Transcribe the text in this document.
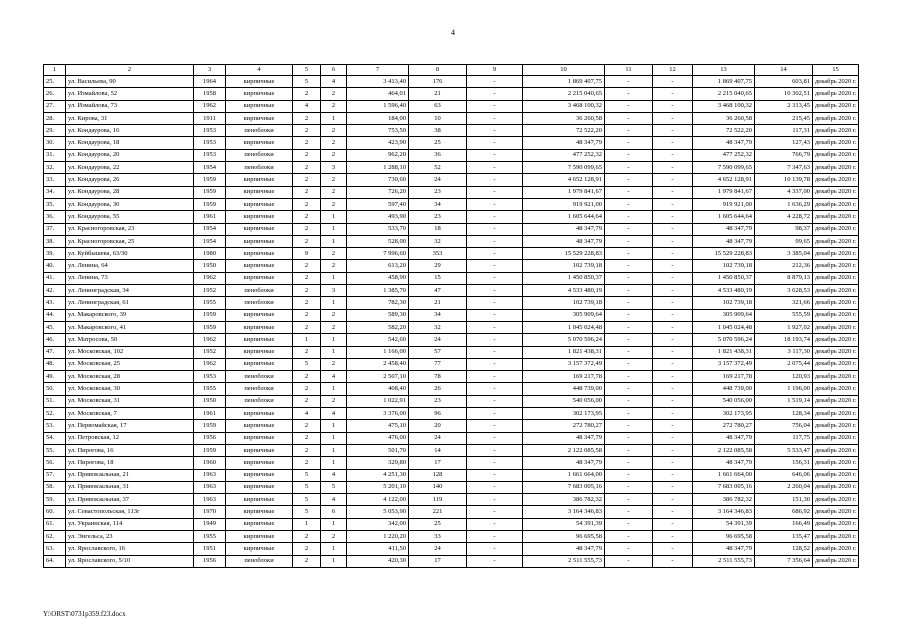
4
1	2	3	4	5	6	7	8	9	10	11	12	13	14	15
25.	ул. Васильева, 90	1964	кирпичные	5	4	3 413,40	176	-	1 869 407,75	-	-	1 869 407,75	603,81	декабрь 2020 г.
26.	ул. Измайлова, 52	1958	кирпичные	2	2	464,01	21	-	2 215 040,65	-	-	2 215 040,65	10 302,51	декабрь 2020 г.
27.	ул. Измайлова, 73	1962	кирпичные	4	2	1 596,40	63	-	3 468 100,32	-	-	3 468 100,32	2 313,45	декабрь 2020 г.
28.	ул. Кирова, 31	1911	кирпичные	2	1	184,00	10	-	36 260,58	-	-	36 260,58	215,45	декабрь 2020 г.
29.	ул. Кондаурова, 16	1953	пеноблоки	2	2	753,50	38	-	72 522,20	-	-	72 522,20	117,31	декабрь 2020 г.
30.	ул. Кондаурова, 18	1953	кирпичные	2	2	423,90	25	-	48 347,79	-	-	48 347,79	127,43	декабрь 2020 г.
31.	ул. Кондаурова, 20	1953	пеноблоки	2	2	962,20	36	-	477 252,32	-	-	477 252,32	766,79	декабрь 2020 г.
32.	ул. Кондаурова, 22	1954	пеноблоки	2	3	1 288,10	52	-	7 590 099,65	-	-	7 590 099,65	7 347,63	декабрь 2020 г.
33.	ул. Кондаурова, 26	1959	кирпичные	2	2	730,60	24	-	4 652 128,91	-	-	4 652 128,91	10 139,78	декабрь 2020 г.
34.	ул. Кондаурова, 28	1959	кирпичные	2	2	726,20	23	-	1 979 841,67	-	-	1 979 841,67	4 337,00	декабрь 2020 г.
35.	ул. Кондаурова, 30	1959	кирпичные	2	2	597,40	34	-	919 921,00	-	-	919 921,00	1 636,29	декабрь 2020 г.
36.	ул. Кондаурова, 55	1961	кирпичные	2	1	493,90	23	-	1 605 644,64	-	-	1 605 644,64	4 228,72	декабрь 2020 г.
37.	ул. Красногоровская, 23	1954	кирпичные	2	1	533,70	18	-	48 347,79	-	-	48 347,79	98,37	декабрь 2020 г.
38.	ул. Красногоровская, 25	1954	кирпичные	2	1	528,00	32	-	48 347,79	-	-	48 347,79	99,65	декабрь 2020 г.
39.	ул. Куйбышева, 63/30	1980	кирпичные	9	2	7 996,60	353	-	15 529 228,83	-	-	15 529 228,83	3 385,04	декабрь 2020 г.
40.	ул. Ленина, 64	1950	кирпичные	2	2	613,20	29	-	102 739,18	-	-	102 739,18	212,36	декабрь 2020 г.
41.	ул. Ленина, 73	1962	кирпичные	2	1	458,90	15	-	1 450 850,37	-	-	1 450 850,37	8 879,13	декабрь 2020 г.
42.	ул. Ленинградская, 34	1952	пеноблоки	2	3	1 385,70	47	-	4 533 480,19	-	-	4 533 480,19	3 628,53	декабрь 2020 г.
43.	ул. Ленинградская, 61	1955	пеноблоки	2	1	782,30	21	-	102 739,18	-	-	102 739,18	321,66	декабрь 2020 г.
44.	ул. Макаровского, 39	1959	кирпичные	2	2	589,30	34	-	305 909,64	-	-	305 909,64	555,59	декабрь 2020 г.
45.	ул. Макаровского, 41	1959	кирпичные	2	2	582,20	32	-	1 045 024,48	-	-	1 045 024,48	1 927,02	декабрь 2020 г.
46.	ул. Матросова, 50	1962	кирпичные	1	1	542,60	24	-	5 070 596,24	-	-	5 070 596,24	18 193,74	декабрь 2020 г.
47.	ул. Московская, 102	1952	кирпичные	2	1	1 166,00	57	-	1 821 438,31	-	-	1 821 438,31	3 117,30	декабрь 2020 г.
48.	ул. Московская, 25	1962	кирпичные	5	2	2 458,40	77	-	3 157 372,49	-	-	3 157 372,49	2 075,44	декабрь 2020 г.
49.	ул. Московская, 28	1953	пеноблоки	2	4	2 507,10	78	-	169 217,78	-	-	169 217,78	120,93	декабрь 2020 г.
50.	ул. Московская, 30	1955	пеноблоки	2	1	408,40	26	-	448 739,00	-	-	448 739,00	1 196,00	декабрь 2020 г.
51.	ул. Московская, 31	1950	пеноблоки	2	2	1 022,91	23	-	540 056,00	-	-	540 056,00	1 519,14	декабрь 2020 г.
52.	ул. Московская, 7	1961	кирпичные	4	4	3 376,00	96	-	302 173,95	-	-	302 173,95	128,34	декабрь 2020 г.
53.	ул. Первомайская, 17	1959	кирпичные	2	1	475,10	20	-	272 780,27	-	-	272 780,27	756,04	декабрь 2020 г.
54.	ул. Петровская, 12	1956	кирпичные	2	1	476,00	24	-	48 347,79	-	-	48 347,79	117,75	декабрь 2020 г.
55.	ул. Пирогова, 16	1959	кирпичные	2	1	501,70	14	-	2 122 085,58	-	-	2 122 085,58	5 533,47	декабрь 2020 г.
56.	ул. Пирогова, 18	1960	кирпичные	2	1	329,80	17	-	48 347,79	-	-	48 347,79	156,31	декабрь 2020 г.
57.	ул. Привокзальная, 21	1963	кирпичные	5	4	4 251,30	128	-	1 661 664,00	-	-	1 661 664,00	646,06	декабрь 2020 г.
58.	ул. Привокзальная, 31	1963	кирпичные	5	5	5 201,10	140	-	7 683 005,16	-	-	7 683 005,16	2 260,04	декабрь 2020 г.
59.	ул. Привокзальная, 37	1963	кирпичные	5	4	4 122,00	119	-	386 782,32	-	-	386 782,32	151,30	декабрь 2020 г.
60.	ул. Севастопольская, 113г	1970	кирпичные	5	6	5 053,90	221	-	3 164 346,83	-	-	3 164 346,83	686,92	декабрь 2020 г.
61.	ул. Украинская, 114	1949	кирпичные	1	1	342,00	25	-	54 391,39	-	-	54 391,39	166,49	декабрь 2020 г.
62.	ул. Энгельса, 23	1955	кирпичные	2	2	1 220,20	33	-	96 695,58	-	-	96 695,58	135,47	декабрь 2020 г.
63.	ул. Ярославского, 16	1951	кирпичные	2	1	411,50	24	-	48 347,79	-	-	48 347,79	128,52	декабрь 2020 г.
64.	ул. Ярославского, 5/10	1956	пеноблоки	2	1	420,30	17	-	2 511 555,73	-	-	2 511 555,73	7 356,64	декабрь 2020 г.
Y:\ORST\0731p359.f23.docx
